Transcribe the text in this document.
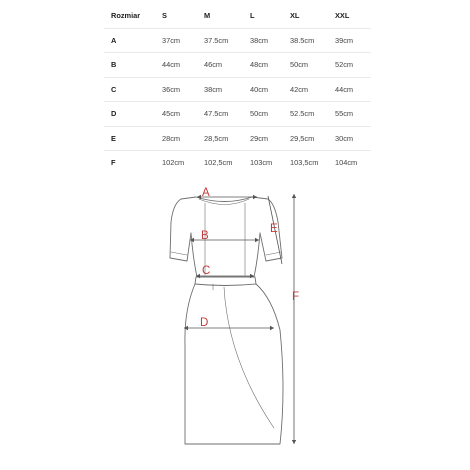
Rozmiar	S	M	L	XL	XXL
A	37cm	37.5cm	38cm	38.5cm	39cm
B	44cm	46cm	48cm	50cm	52cm
C	36cm	38cm	40cm	42cm	44cm
D	45cm	47.5cm	50cm	52.5cm	55cm
E	28cm	28,5cm	29cm	29,5cm	30cm
F	102cm	102,5cm	103cm	103,5cm	104cm
A
B
C
D
E
F
